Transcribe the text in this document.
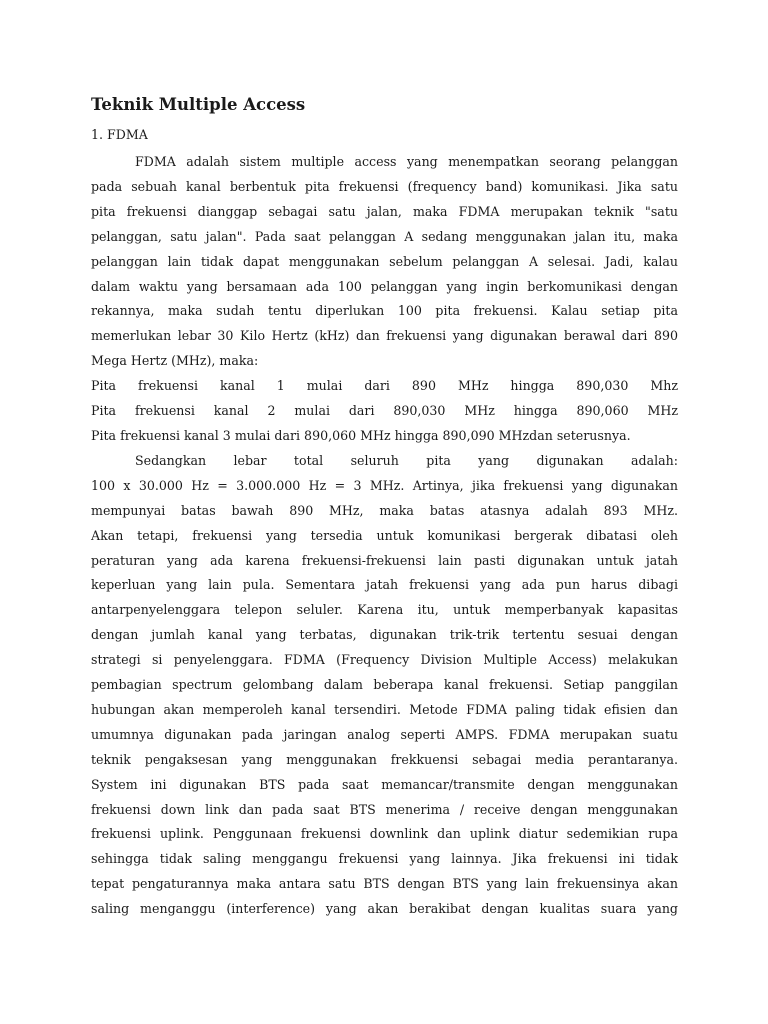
Teknik Multiple Access
1. FDMA
FDMA adalah sistem multiple access yang menempatkan seorang pelanggan
pada sebuah kanal berbentuk pita frekuensi (frequency band) komunikasi. Jika satu
pita frekuensi dianggap sebagai satu jalan, maka FDMA merupakan teknik "satu
pelanggan, satu jalan". Pada saat pelanggan A sedang menggunakan jalan itu, maka
pelanggan lain tidak dapat menggunakan sebelum pelanggan A selesai. Jadi, kalau
dalam waktu yang bersamaan ada 100 pelanggan yang ingin berkomunikasi dengan
rekannya, maka sudah tentu diperlukan 100 pita frekuensi. Kalau setiap pita
memerlukan lebar 30 Kilo Hertz (kHz) dan frekuensi yang digunakan berawal dari 890
Mega Hertz (MHz), maka:
Pita frekuensi kanal 1 mulai dari 890 MHz hingga 890,030 Mhz
Pita frekuensi kanal 2 mulai dari 890,030 MHz hingga 890,060 MHz
Pita frekuensi kanal 3 mulai dari 890,060 MHz hingga 890,090 MHzdan seterusnya.
Sedangkan lebar total seluruh pita yang digunakan adalah:
100 x 30.000 Hz = 3.000.000 Hz = 3 MHz. Artinya, jika frekuensi yang digunakan
mempunyai batas bawah 890 MHz, maka batas atasnya adalah 893 MHz.
Akan tetapi, frekuensi yang tersedia untuk komunikasi bergerak dibatasi oleh
peraturan yang ada karena frekuensi-frekuensi lain pasti digunakan untuk jatah
keperluan yang lain pula. Sementara jatah frekuensi yang ada pun harus dibagi
antarpenyelenggara telepon seluler. Karena itu, untuk memperbanyak kapasitas
dengan jumlah kanal yang terbatas, digunakan trik-trik tertentu sesuai dengan
strategi si penyelenggara. FDMA (Frequency Division Multiple Access) melakukan
pembagian spectrum gelombang dalam beberapa kanal frekuensi. Setiap panggilan
hubungan akan memperoleh kanal tersendiri. Metode FDMA paling tidak efisien dan
umumnya digunakan pada jaringan analog seperti AMPS. FDMA merupakan suatu
teknik pengaksesan yang menggunakan frekkuensi sebagai media perantaranya.
System ini digunakan BTS pada saat memancar/transmite dengan menggunakan
frekuensi down link dan pada saat BTS menerima / receive dengan menggunakan
frekuensi uplink. Penggunaan frekuensi downlink dan uplink diatur sedemikian rupa
sehingga tidak saling menggangu frekuensi yang lainnya. Jika frekuensi ini tidak
tepat pengaturannya maka antara satu BTS dengan BTS yang lain frekuensinya akan
saling menganggu (interference) yang akan berakibat dengan kualitas suara yang
